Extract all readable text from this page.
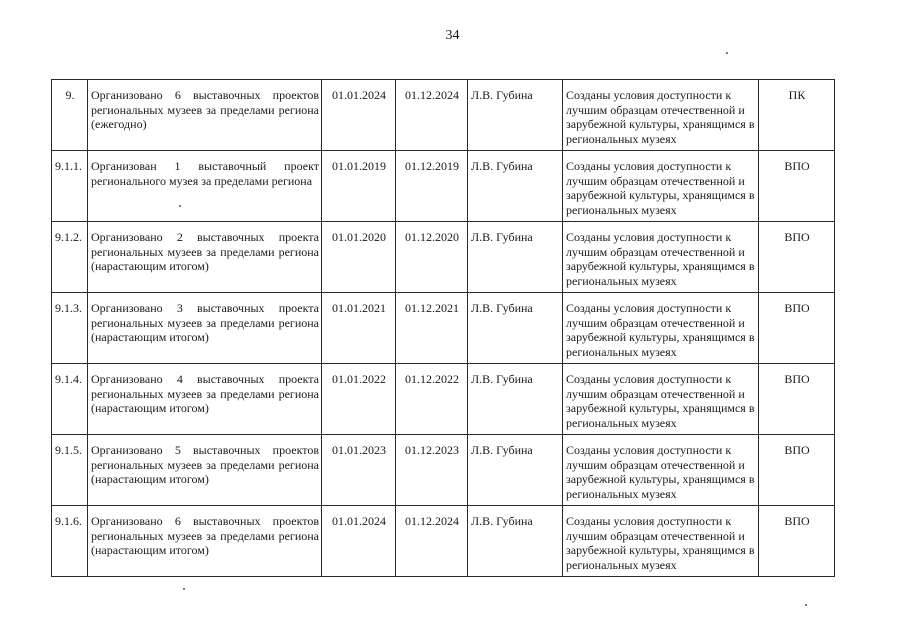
34
9.	Организовано 6 выставочных проектов региональных музеев за пределами региона (ежегодно)	01.01.2024	01.12.2024	Л.В. Губина	Созданы условия доступности к лучшим образцам отечественной и зарубежной культуры, хранящимся в региональных музеях	ПК
9.1.1.	Организован 1 выставочный проект регионального музея за пределами региона	01.01.2019	01.12.2019	Л.В. Губина	Созданы условия доступности к лучшим образцам отечественной и зарубежной культуры, хранящимся в региональных музеях	ВПО
9.1.2.	Организовано 2 выставочных проекта региональных музеев за пределами региона (нарастающим итогом)	01.01.2020	01.12.2020	Л.В. Губина	Созданы условия доступности к лучшим образцам отечественной и зарубежной культуры, хранящимся в региональных музеях	ВПО
9.1.3.	Организовано 3 выставочных проекта региональных музеев за пределами региона (нарастающим итогом)	01.01.2021	01.12.2021	Л.В. Губина	Созданы условия доступности к лучшим образцам отечественной и зарубежной культуры, хранящимся в региональных музеях	ВПО
9.1.4.	Организовано 4 выставочных проекта региональных музеев за пределами региона (нарастающим итогом)	01.01.2022	01.12.2022	Л.В. Губина	Созданы условия доступности к лучшим образцам отечественной и зарубежной культуры, хранящимся в региональных музеях	ВПО
9.1.5.	Организовано 5 выставочных проектов региональных музеев за пределами региона (нарастающим итогом)	01.01.2023	01.12.2023	Л.В. Губина	Созданы условия доступности к лучшим образцам отечественной и зарубежной культуры, хранящимся в региональных музеях	ВПО
9.1.6.	Организовано 6 выставочных проектов региональных музеев за пределами региона (нарастающим итогом)	01.01.2024	01.12.2024	Л.В. Губина	Созданы условия доступности к лучшим образцам отечественной и зарубежной культуры, хранящимся в региональных музеях	ВПО
